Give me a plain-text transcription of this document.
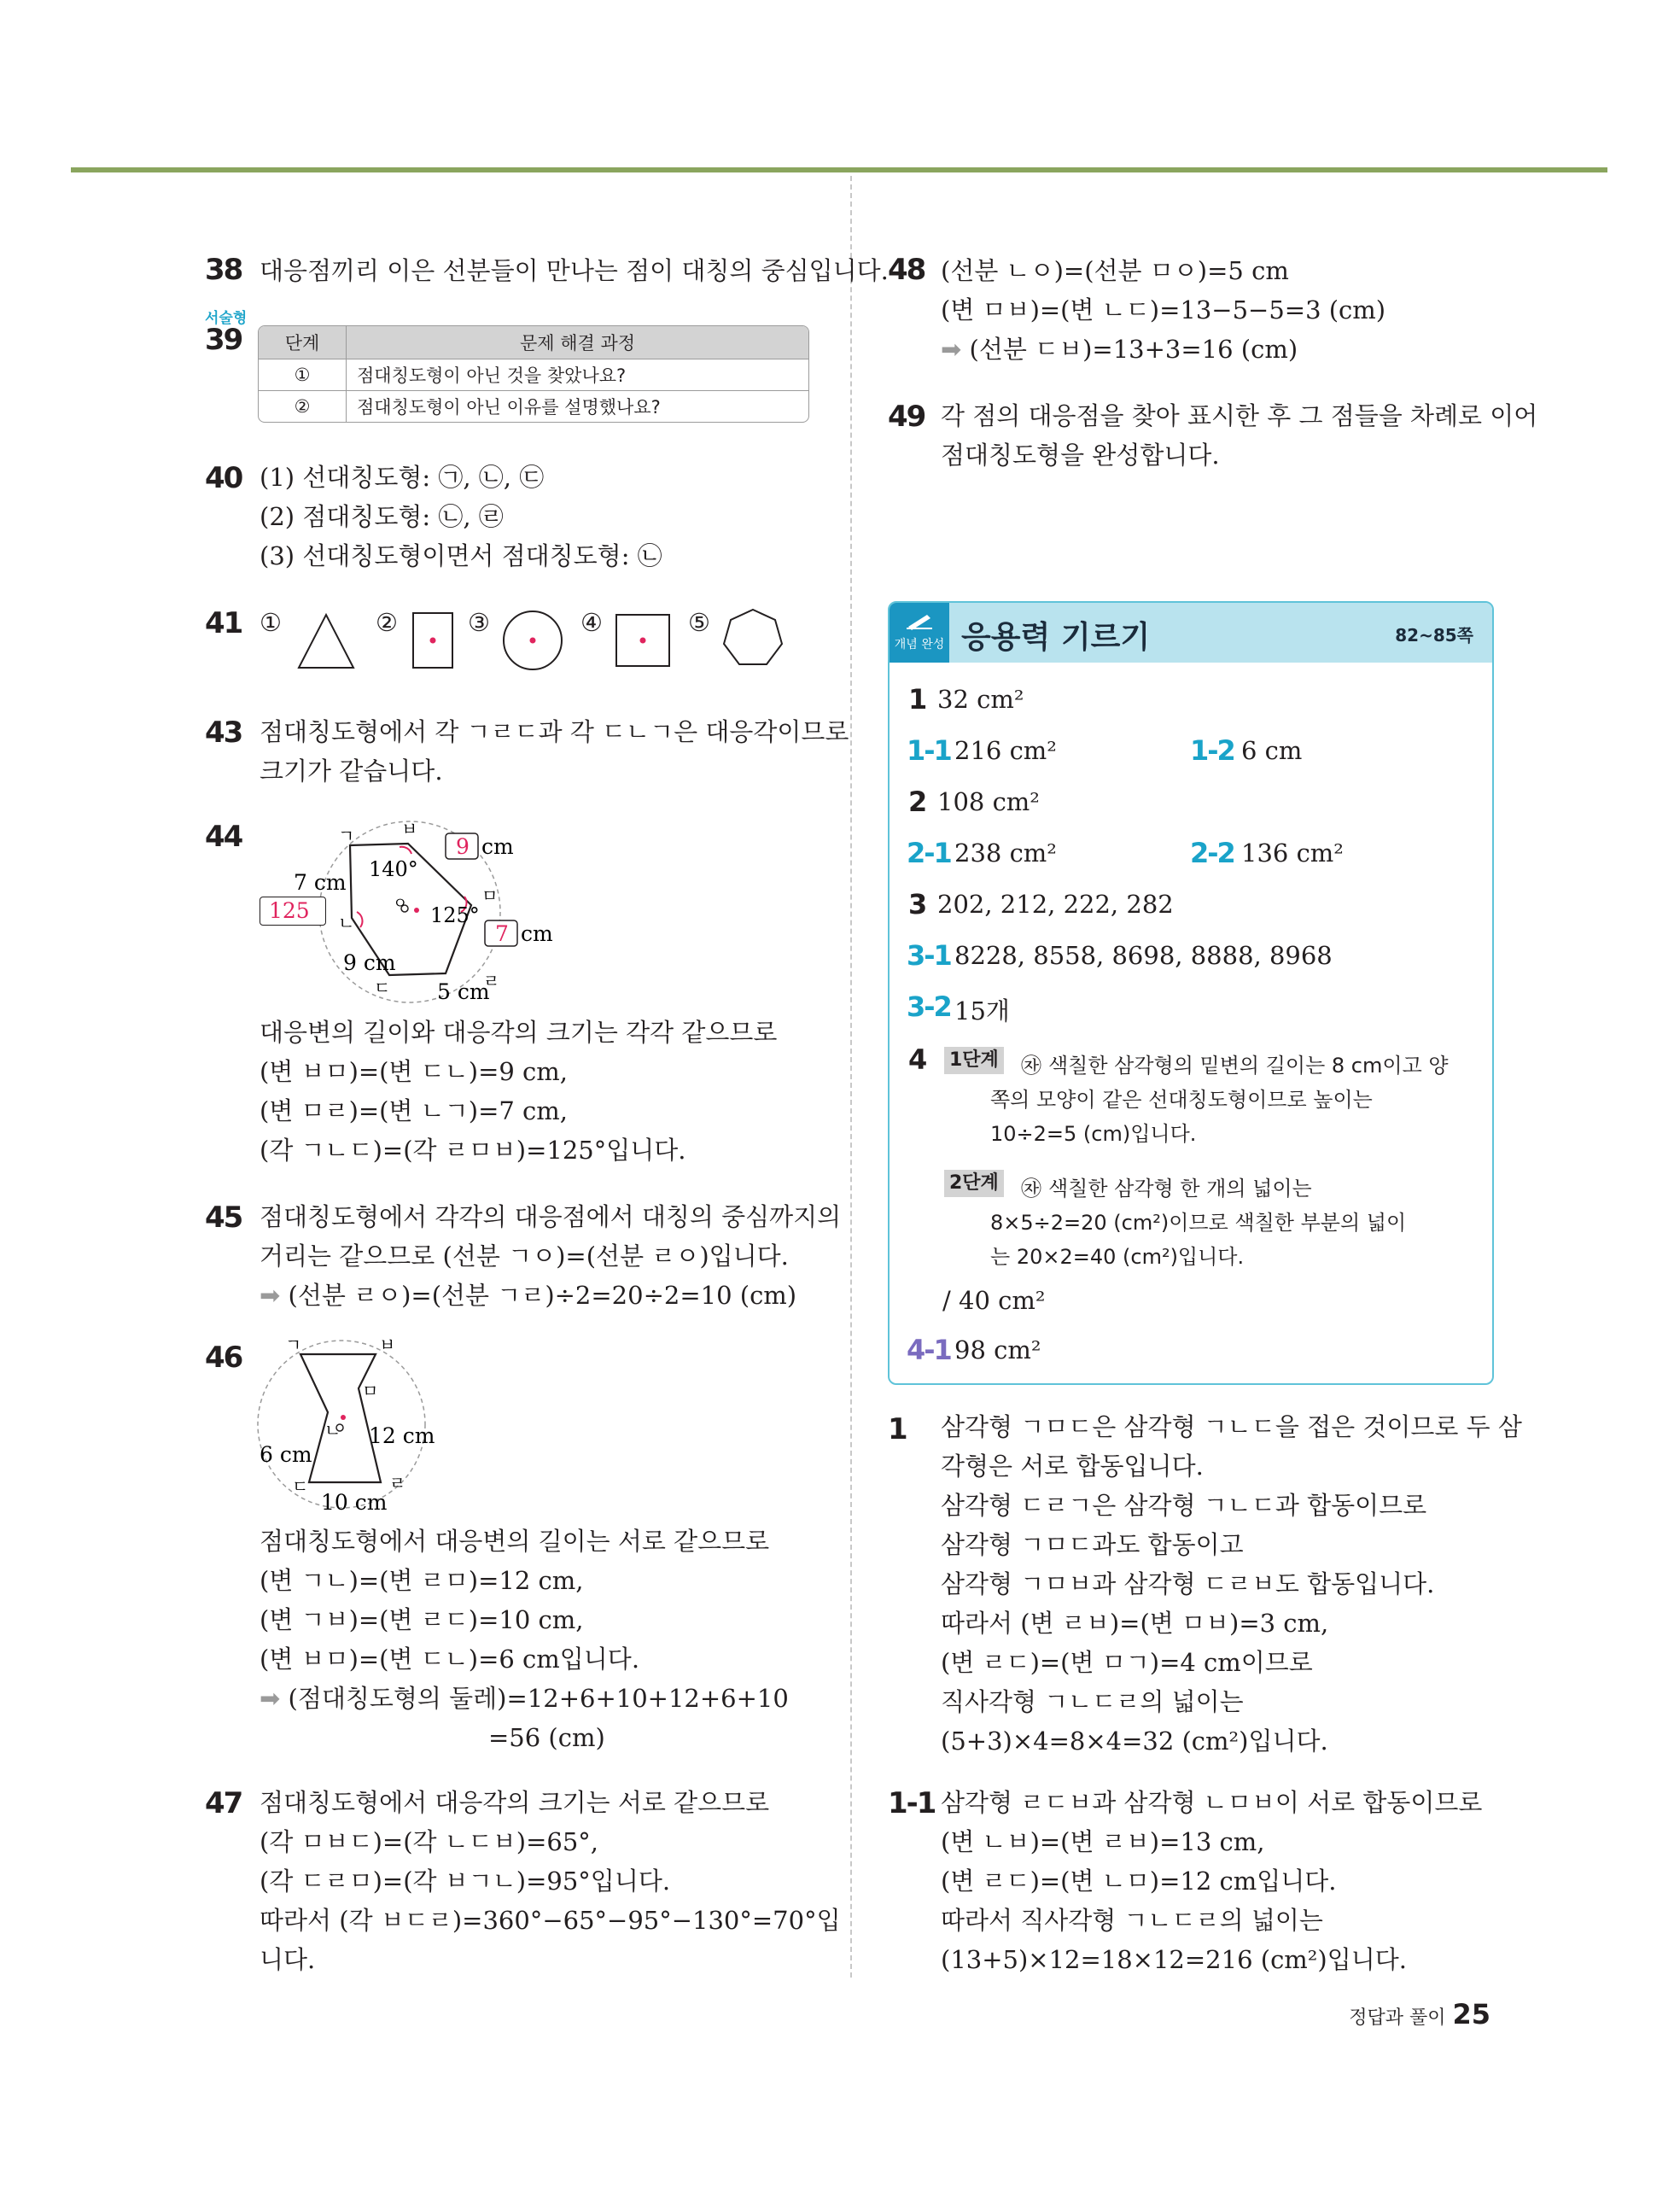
38 대응점끼리 이은 선분들이 만나는 점이 대칭의 중심입니다.
서술형
39 단계	문제 해결 과정
①	점대칭도형이 아닌 것을 찾았나요?
②	점대칭도형이 아닌 이유를 설명했나요?
40 (1) 선대칭도형: ㉠, ㉡, ㉢
(2) 점대칭도형: ㉡, ㉣
(3) 선대칭도형이면서 점대칭도형: ㉡
41 ①	②	③	④	⑤
43 점대칭도형에서 각 ㄱㄹㄷ과 각 ㄷㄴㄱ은 대응각이므로
크기가 같습니다.
44	ㄱ	ㅂ
ㅁ
ㄹ
ㄷ
ㄴ
ㅇ
140°
125°
7 cm
9 cm
5 cm
9 cm
7 cm
125
대응변의 길이와 대응각의 크기는 각각 같으므로
(변 ㅂㅁ)=(변 ㄷㄴ)=9 cm,
(변 ㅁㄹ)=(변 ㄴㄱ)=7 cm,
(각 ㄱㄴㄷ)=(각 ㄹㅁㅂ)=125°입니다.
45 점대칭도형에서 각각의 대응점에서 대칭의 중심까지의
거리는 같으므로 (선분 ㄱㅇ)=(선분 ㄹㅇ)입니다.
➡ (선분 ㄹㅇ)=(선분 ㄱㄹ)÷2=20÷2=10 (cm)
46	ㄱ	ㅂ
ㅁ
ㄴ
ㄷ	ㄹ
12 cm
6 cm
10 cm
점대칭도형에서 대응변의 길이는 서로 같으므로
(변 ㄱㄴ)=(변 ㄹㅁ)=12 cm,
(변 ㄱㅂ)=(변 ㄹㄷ)=10 cm,
(변 ㅂㅁ)=(변 ㄷㄴ)=6 cm입니다.
➡ (점대칭도형의 둘레)=12+6+10+12+6+10
=56 (cm)
47 점대칭도형에서 대응각의 크기는 서로 같으므로
(각 ㅁㅂㄷ)=(각 ㄴㄷㅂ)=65°,
(각 ㄷㄹㅁ)=(각 ㅂㄱㄴ)=95°입니다.
따라서 (각 ㅂㄷㄹ)=360°−65°−95°−130°=70°입
니다.
48 (선분 ㄴㅇ)=(선분 ㅁㅇ)=5 cm
(변 ㅁㅂ)=(변 ㄴㄷ)=13−5−5=3 (cm)
➡ (선분 ㄷㅂ)=13+3=16 (cm)
49 각 점의 대응점을 찾아 표시한 후 그 점들을 차례로 이어
점대칭도형을 완성합니다.
개념 완성 응용력 기르기	82~85쪽
1 32 cm²
1-1 216 cm²	1-2 6 cm
2 108 cm²
2-1 238 cm²	2-2 136 cm²
3 202, 212, 222, 282
3-1 8228, 8558, 8698, 8888, 8968
3-2 15개
4 1단계 ㉶ 색칠한 삼각형의 밑변의 길이는 8 cm이고 양
쪽의 모양이 같은 선대칭도형이므로 높이는
10÷2=5 (cm)입니다.
2단계 ㉶ 색칠한 삼각형 한 개의 넓이는
8×5÷2=20 (cm²)이므로 색칠한 부분의 넓이
는 20×2=40 (cm²)입니다.
/ 40 cm²
4-1 98 cm²
1 삼각형 ㄱㅁㄷ은 삼각형 ㄱㄴㄷ을 접은 것이므로 두 삼
각형은 서로 합동입니다.
삼각형 ㄷㄹㄱ은 삼각형 ㄱㄴㄷ과 합동이므로
삼각형 ㄱㅁㄷ과도 합동이고
삼각형 ㄱㅁㅂ과 삼각형 ㄷㄹㅂ도 합동입니다.
따라서 (변 ㄹㅂ)=(변 ㅁㅂ)=3 cm,
(변 ㄹㄷ)=(변 ㅁㄱ)=4 cm이므로
직사각형 ㄱㄴㄷㄹ의 넓이는
(5+3)×4=8×4=32 (cm²)입니다.
1-1 삼각형 ㄹㄷㅂ과 삼각형 ㄴㅁㅂ이 서로 합동이므로
(변 ㄴㅂ)=(변 ㄹㅂ)=13 cm,
(변 ㄹㄷ)=(변 ㄴㅁ)=12 cm입니다.
따라서 직사각형 ㄱㄴㄷㄹ의 넓이는
(13+5)×12=18×12=216 (cm²)입니다.
정답과 풀이 25
